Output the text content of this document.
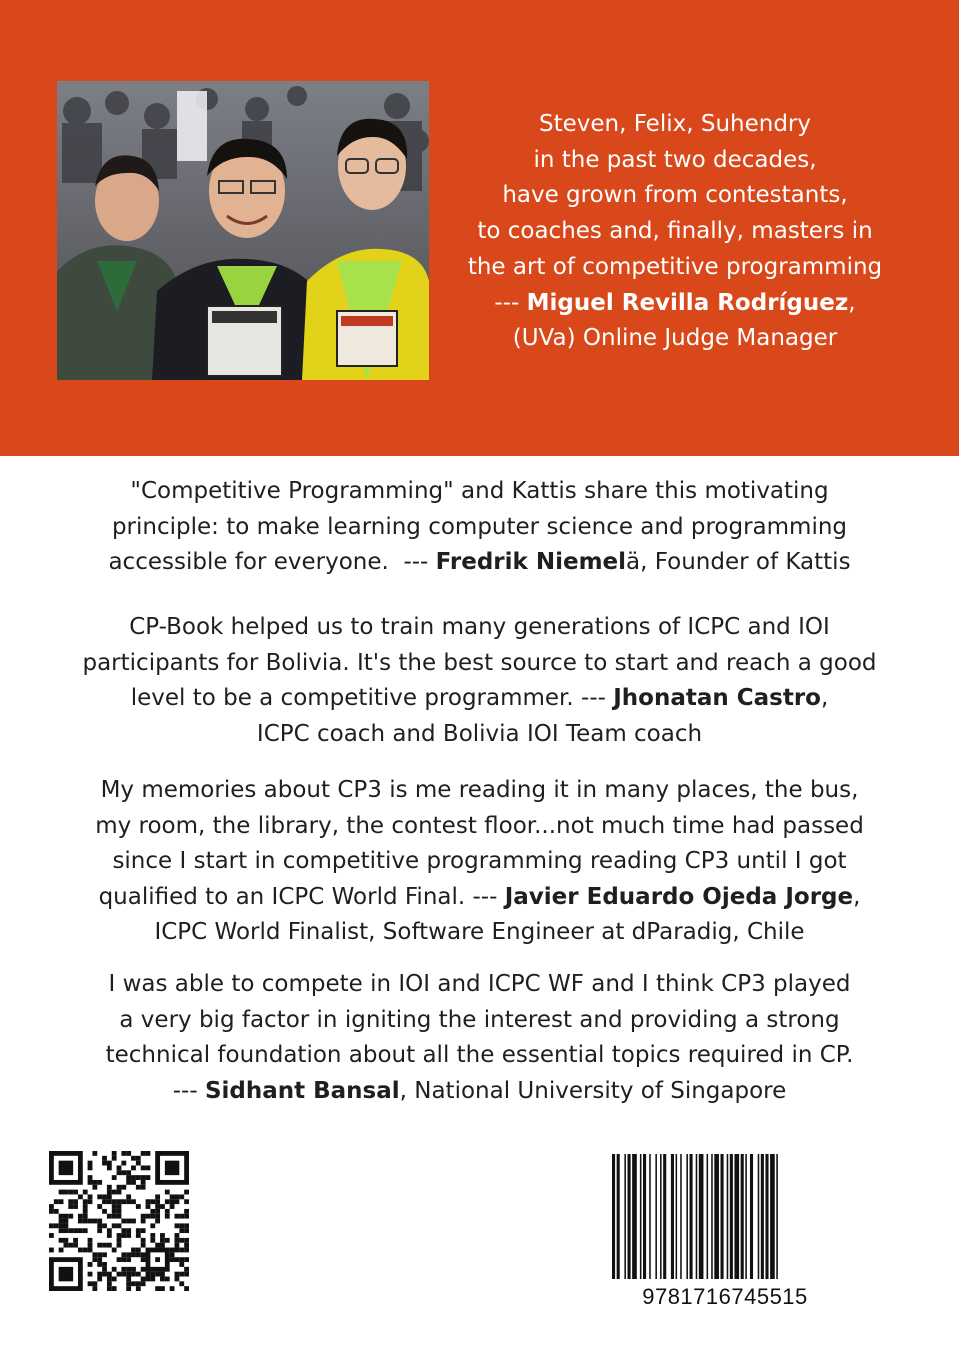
Steven, Felix, Suhendry
in the past two decades,
have grown from contestants,
to coaches and, finally, masters in
the art of competitive programming
--- Miguel Revilla Rodríguez,
(UVa) Online Judge Manager
"Competitive Programming" and Kattis share this motivating
principle: to make learning computer science and programming
accessible for everyone.  --- Fredrik Niemelä, Founder of Kattis
CP-Book helped us to train many generations of ICPC and IOI
participants for Bolivia. It's the best source to start and reach a good
level to be a competitive programmer. --- Jhonatan Castro,
ICPC coach and Bolivia IOI Team coach
My memories about CP3 is me reading it in many places, the bus,
my room, the library, the contest floor...not much time had passed
since I start in competitive programming reading CP3 until I got
qualified to an ICPC World Final. --- Javier Eduardo Ojeda Jorge,
ICPC World Finalist, Software Engineer at dParadig, Chile
I was able to compete in IOI and ICPC WF and I think CP3 played
a very big factor in igniting the interest and providing a strong
technical foundation about all the essential topics required in CP.
--- Sidhant Bansal, National University of Singapore
9781716745515
